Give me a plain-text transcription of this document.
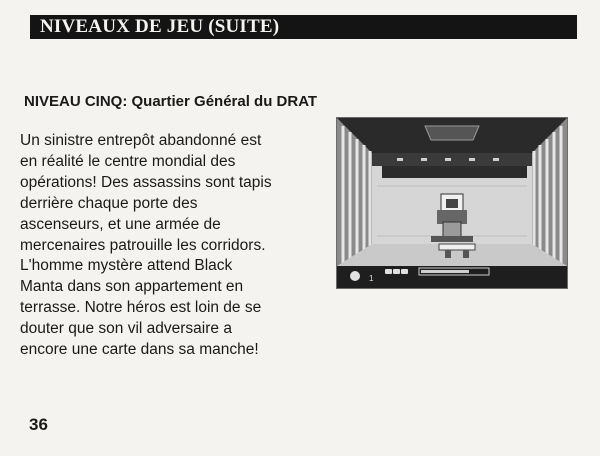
NIVEAUX DE JEU (SUITE)
NIVEAU CINQ: Quartier Général du DRAT
Un sinistre entrepôt abandonné est
en réalité le centre mondial des
opérations! Des assassins sont tapis
derrière chaque porte des
ascenseurs, et une armée de
mercenaires patrouille les corridors.
L'homme mystère attend Black
Manta dans son appartement en
terrasse. Notre héros est loin de se
douter que son vil adversaire a
encore une carte dans sa manche!
1
36
